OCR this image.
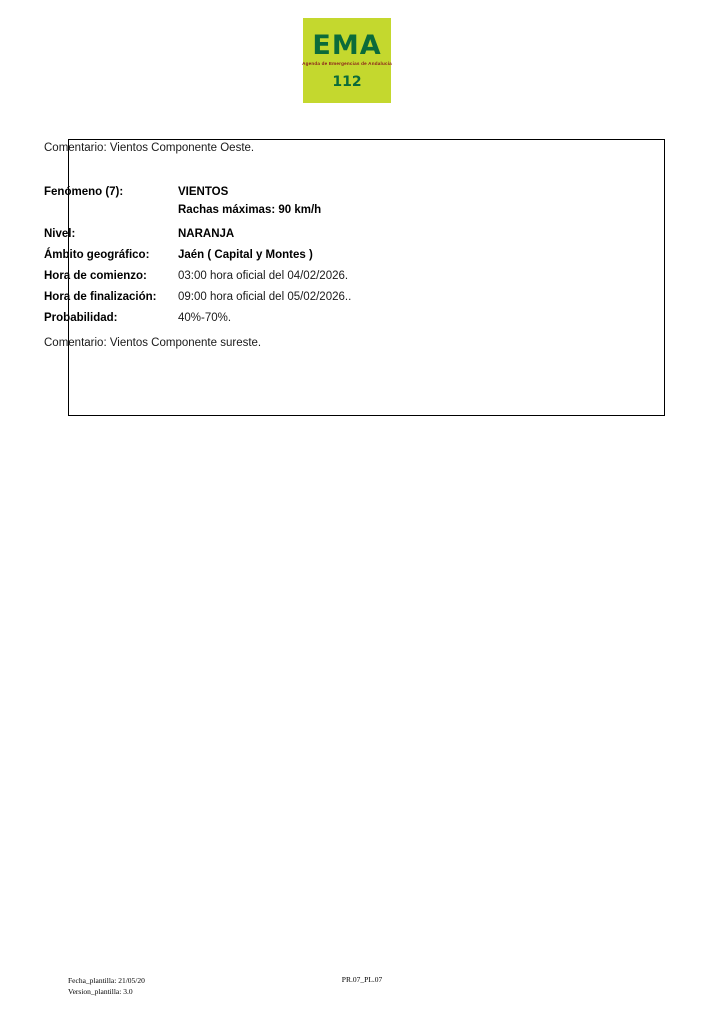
EMA
Agenda de Emergencias de Andalucía
112
Comentario: Vientos Componente Oeste.
Fenómeno (7):	VIENTOS
Rachas máximas: 90 km/h
Nivel:	NARANJA
Ámbito geográfico:	Jaén ( Capital y Montes )
Hora de comienzo:	03:00 hora oficial del 04/02/2026.
Hora de finalización:	09:00 hora oficial del 05/02/2026..
Probabilidad:	40%-70%.
Comentario: Vientos Componente sureste.
Fecha_plantilla: 21/05/20
Version_plantilla: 3.0
PR.07_PL.07
